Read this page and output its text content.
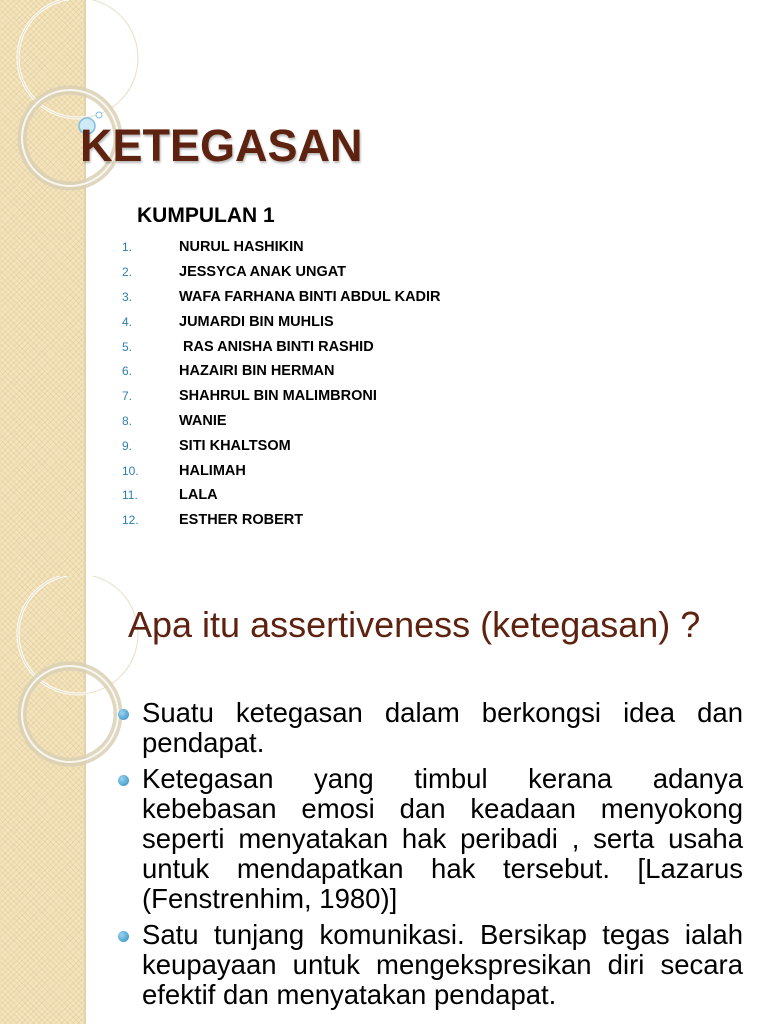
KETEGASAN
KUMPULAN 1
1.	NURUL HASHIKIN
2.	JESSYCA ANAK UNGAT
3.	WAFA FARHANA BINTI ABDUL KADIR
4.	JUMARDI BIN MUHLIS
5.	RAS ANISHA BINTI RASHID
6.	HAZAIRI BIN HERMAN
7.	SHAHRUL BIN MALIMBRONI
8.	WANIE
9.	SITI KHALTSOM
10.	HALIMAH
11.	LALA
12.	ESTHER ROBERT
Apa itu assertiveness (ketegasan) ?
Suatu ketegasan dalam berkongsi idea dan pendapat.
Ketegasan yang timbul kerana adanya kebebasan emosi dan keadaan menyokong seperti menyatakan hak peribadi , serta usaha untuk mendapatkan hak tersebut. [Lazarus (Fenstrenhim, 1980)]
Satu tunjang komunikasi. Bersikap tegas ialah keupayaan untuk mengekspresikan diri secara efektif dan menyatakan pendapat.
